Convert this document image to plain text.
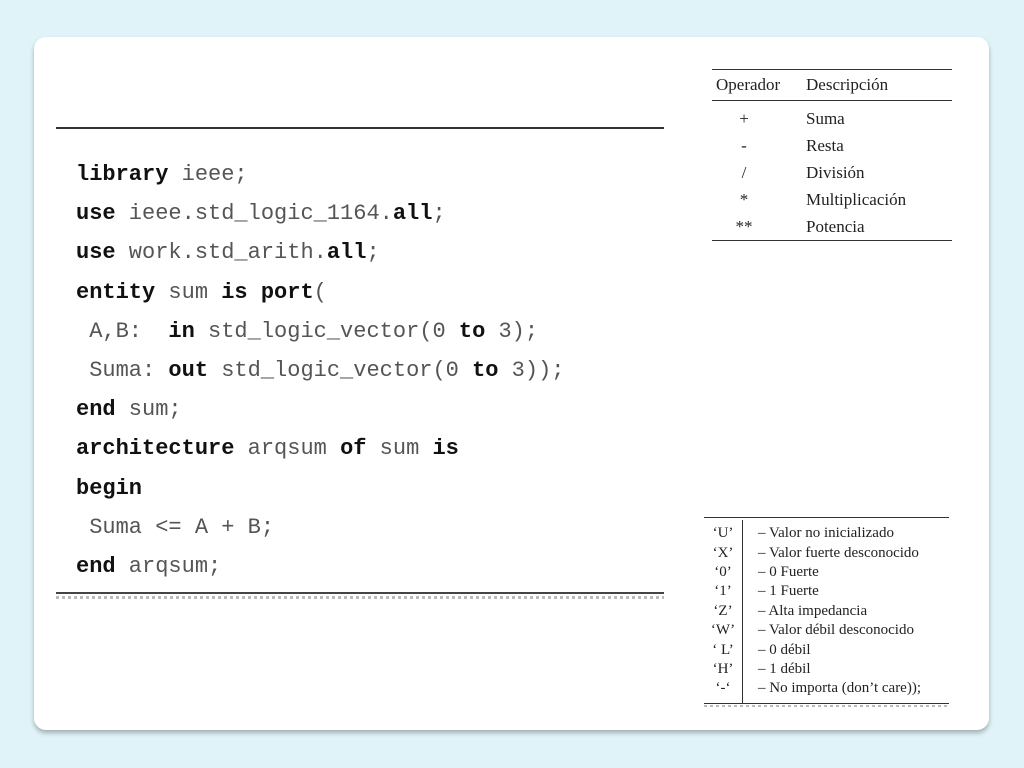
library ieee;
use ieee.std_logic_1164.all;
use work.std_arith.all;
entity sum is port(
A,B:  in std_logic_vector(0 to 3);
Suma: out std_logic_vector(0 to 3));
end sum;
architecture arqsum of sum is
begin
Suma <= A + B;
end arqsum;
Operador	Descripción
+	Suma
-	Resta
/	División
*	Multiplicación
**	Potencia
‘U’	– Valor no inicializado
‘X’	– Valor fuerte desconocido
‘0’	– 0 Fuerte
‘1’	– 1 Fuerte
‘Z’	– Alta impedancia
‘W’	– Valor débil desconocido
‘ L’	– 0 débil
‘H’	– 1 débil
‘-‘	– No importa (don’t care));
